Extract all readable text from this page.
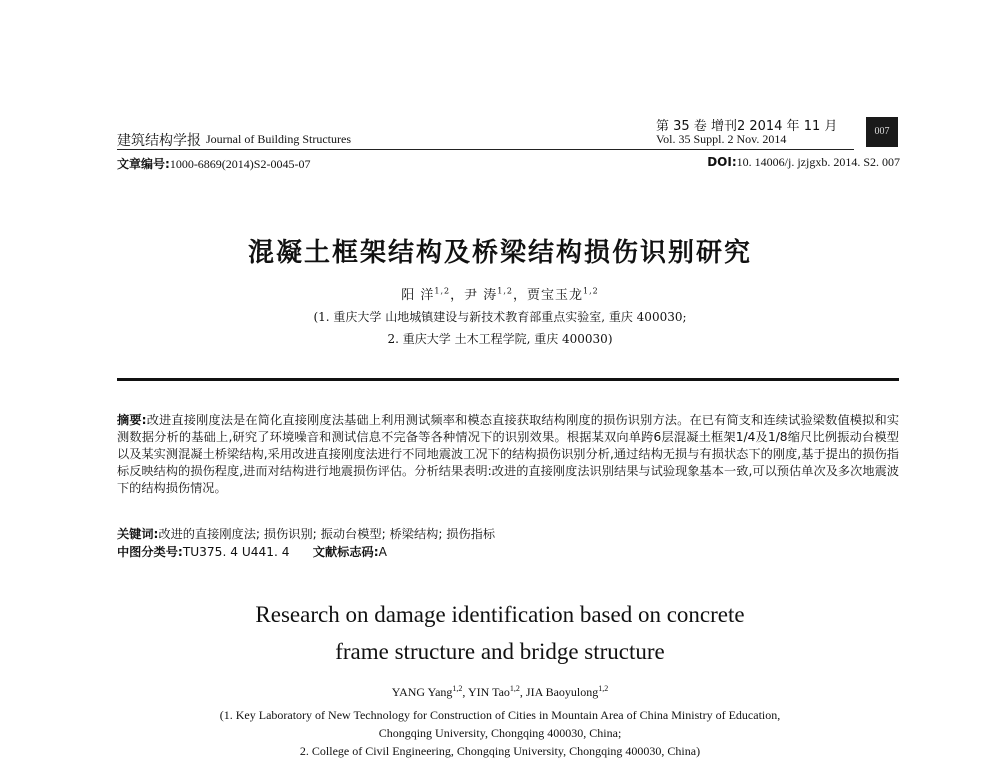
建筑结构学报 Journal of Building Structures
第 35 卷 增刊2 2014 年 11 月
Vol. 35 Suppl. 2 Nov. 2014
007
文章编号:1000-6869(2014)S2-0045-07	DOI:10. 14006/j. jzjgxb. 2014. S2. 007
混凝土框架结构及桥梁结构损伤识别研究
阳 洋$^{1,2}$，尹 涛$^{1,2}$，贾宝玉龙$^{1,2}$
(1. 重庆大学 山地城镇建设与新技术教育部重点实验室, 重庆 400030;
2. 重庆大学 土木工程学院, 重庆 400030)
摘要:改进直接刚度法是在简化直接刚度法基础上利用测试频率和模态直接获取结构刚度的损伤识别方法。在已有简支和连续试验梁数值模拟和实测数据分析的基础上,研究了环境噪音和测试信息不完备等各种情况下的识别效果。根据某双向单跨6层混凝土框架1/4及1/8缩尺比例振动台模型以及某实测混凝土桥梁结构,采用改进直接刚度法进行不同地震波工况下的结构损伤识别分析,通过结构无损与有损状态下的刚度,基于提出的损伤指标反映结构的损伤程度,进而对结构进行地震损伤评估。分析结果表明:改进的直接刚度法识别结果与试验现象基本一致,可以预估单次及多次地震波下的结构损伤情况。
关键词:改进的直接刚度法; 损伤识别; 振动台模型; 桥梁结构; 损伤指标
中图分类号:TU375. 4 U441. 4 文献标志码:A
Research on damage identification based on concrete
frame structure and bridge structure
YANG Yang$^{1,2}$, YIN Tao$^{1,2}$, JIA Baoyulong$^{1,2}$
(1. Key Laboratory of New Technology for Construction of Cities in Mountain Area of China Ministry of Education,
Chongqing University, Chongqing 400030, China;
2. College of Civil Engineering, Chongqing University, Chongqing 400030, China)
